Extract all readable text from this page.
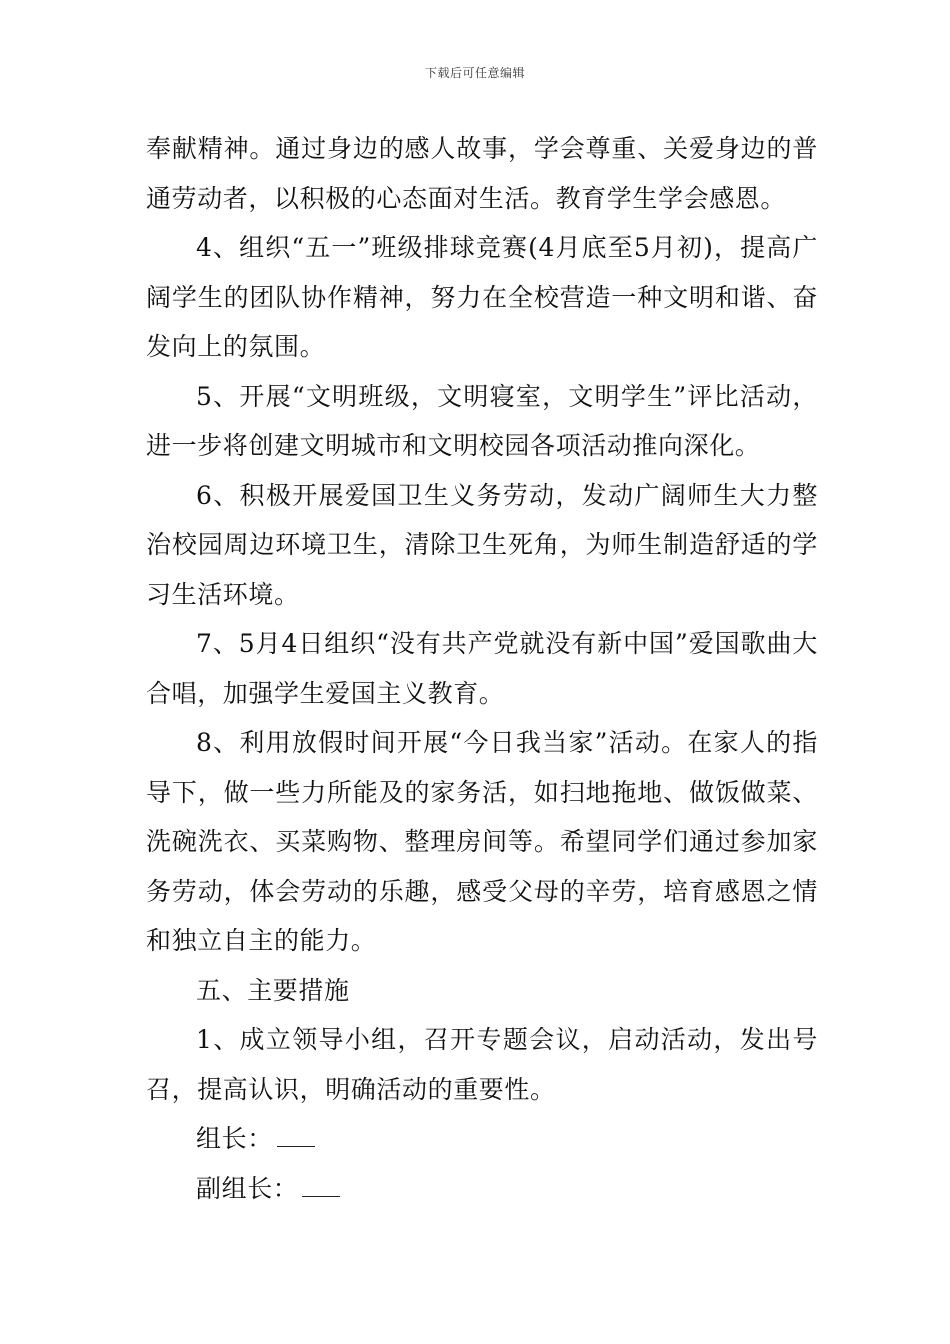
下载后可任意编辑

奉献精神。通过身边的感人故事，学会尊重、关爱身边的普通劳动者，以积极的心态面对生活。教育学生学会感恩。

4、组织“五一”班级排球竞赛(4月底至5月初)，提高广阔学生的团队协作精神，努力在全校营造一种文明和谐、奋发向上的氛围。

5、开展“文明班级，文明寝室，文明学生”评比活动，进一步将创建文明城市和文明校园各项活动推向深化。

6、积极开展爱国卫生义务劳动，发动广阔师生大力整治校园周边环境卫生，清除卫生死角，为师生制造舒适的学习生活环境。

7、5月4日组织“没有共产党就没有新中国”爱国歌曲大合唱，加强学生爱国主义教育。

8、利用放假时间开展“今日我当家”活动。在家人的指导下，做一些力所能及的家务活，如扫地拖地、做饭做菜、洗碗洗衣、买菜购物、整理房间等。希望同学们通过参加家务劳动，体会劳动的乐趣，感受父母的辛劳，培育感恩之情和独立自主的能力。

五、主要措施

1、成立领导小组，召开专题会议，启动活动，发出号召，提高认识，明确活动的重要性。

组长：

副组长：
